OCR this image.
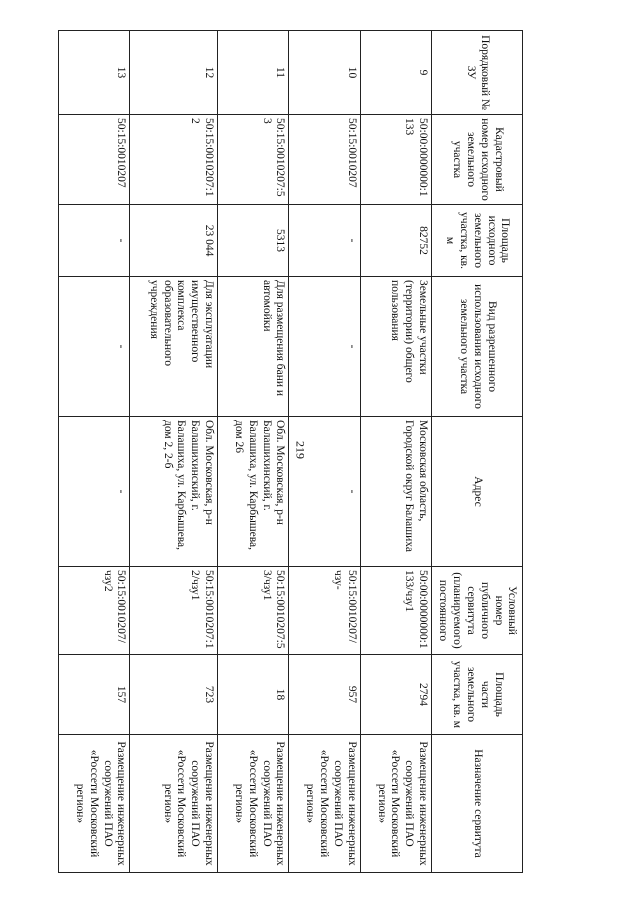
219
Порядковый № ЗУ	Кадастровый номер исходного земельного участка	Площадь исходного земельного участка, кв. м	Вид разрешенного использования исходного земельного участка	Адрес	Условный номер публичного сервитута (планируемого) постоянного	Площадь части земельного участка, кв. м	Назначение сервитута
9	50:00:0000000:1133	82752	Земельные участки (территории) общего пользования	Московская область, Городской округ Балашиха	50:00:0000000:1133/чзу1	2794	Размещение инженерных сооружений ПАО «Россети Московский регион»
10	50:15:0010207	-	-	-	50:15:0010207/чзу-	957	Размещение инженерных сооружений ПАО «Россети Московский регион»
11	50:15:0010207:53	5313	Для размещения бани и автомойки	Обл. Московская, р-н Балашихинский, г. Балашиха, ул. Карбышева, дом 26	50:15:0010207:53/чзу1	18	Размещение инженерных сооружений ПАО «Россети Московский регион»
12	50:15:0010207:12	23 044	Для эксплуатации имущественного комплекса образовательного учреждения	Обл. Московская, р-н Балашихинский, г. Балашиха, ул. Карбышева, дом 2, 2-б	50:15:0010207:12/чзу1	723	Размещение инженерных сооружений ПАО «Россети Московский регион»
13	50:15:0010207	-	-	-	50:15:0010207/чзу2	157	Размещение инженерных сооружений ПАО «Россети Московский регион»
